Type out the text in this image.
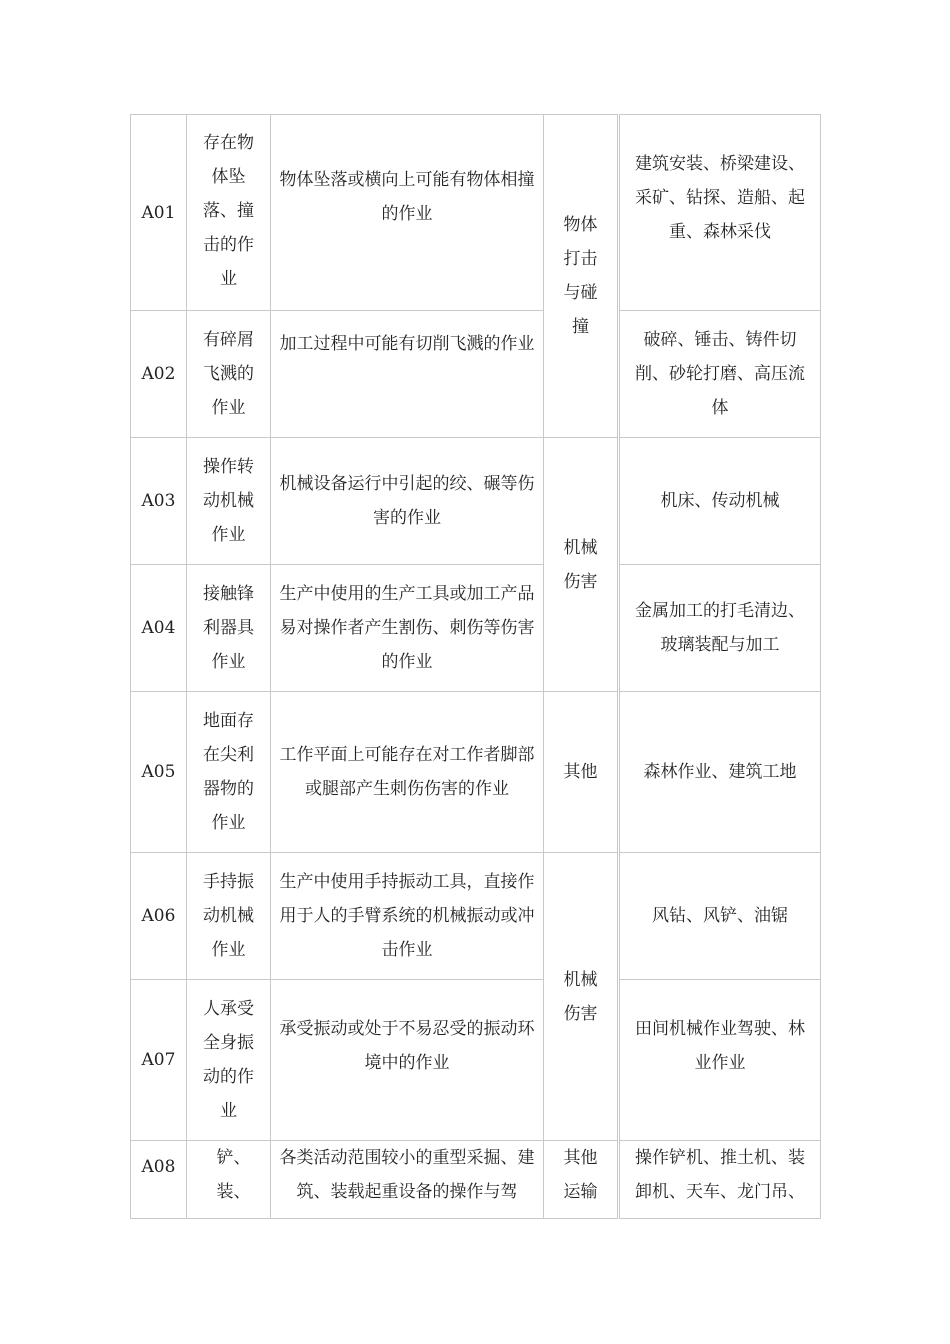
A01	存在物体坠落、撞击的作业	物体坠落或横向上可能有物体相撞的作业	物体打击与碰撞	建筑安装、桥梁建设、采矿、钻探、造船、起重、森林采伐

A02	有碎屑飞溅的作业	加工过程中可能有切削飞溅的作业		破碎、锤击、铸件切削、砂轮打磨、高压流体

A03	操作转动机械作业	机械设备运行中引起的绞、碾等伤害的作业	机械伤害	机床、传动机械

A04	接触锋利器具作业	生产中使用的生产工具或加工产品易对操作者产生割伤、刺伤等伤害的作业		金属加工的打毛清边、玻璃装配与加工

A05	地面存在尖利器物的作业	工作平面上可能存在对工作者脚部或腿部产生刺伤伤害的作业	其他	森林作业、建筑工地

A06	手持振动机械作业	生产中使用手持振动工具，直接作用于人的手臂系统的机械振动或冲击作业	机械伤害	风钻、风铲、油锯

A07	人承受全身振动的作业	承受振动或处于不易忍受的振动环境中的作业		田间机械作业驾驶、林业作业

A08	铲、装、	各类活动范围较小的重型采掘、建筑、装载起重设备的操作与驾	其他运输	操作铲机、推土机、装卸机、天车、龙门吊、
